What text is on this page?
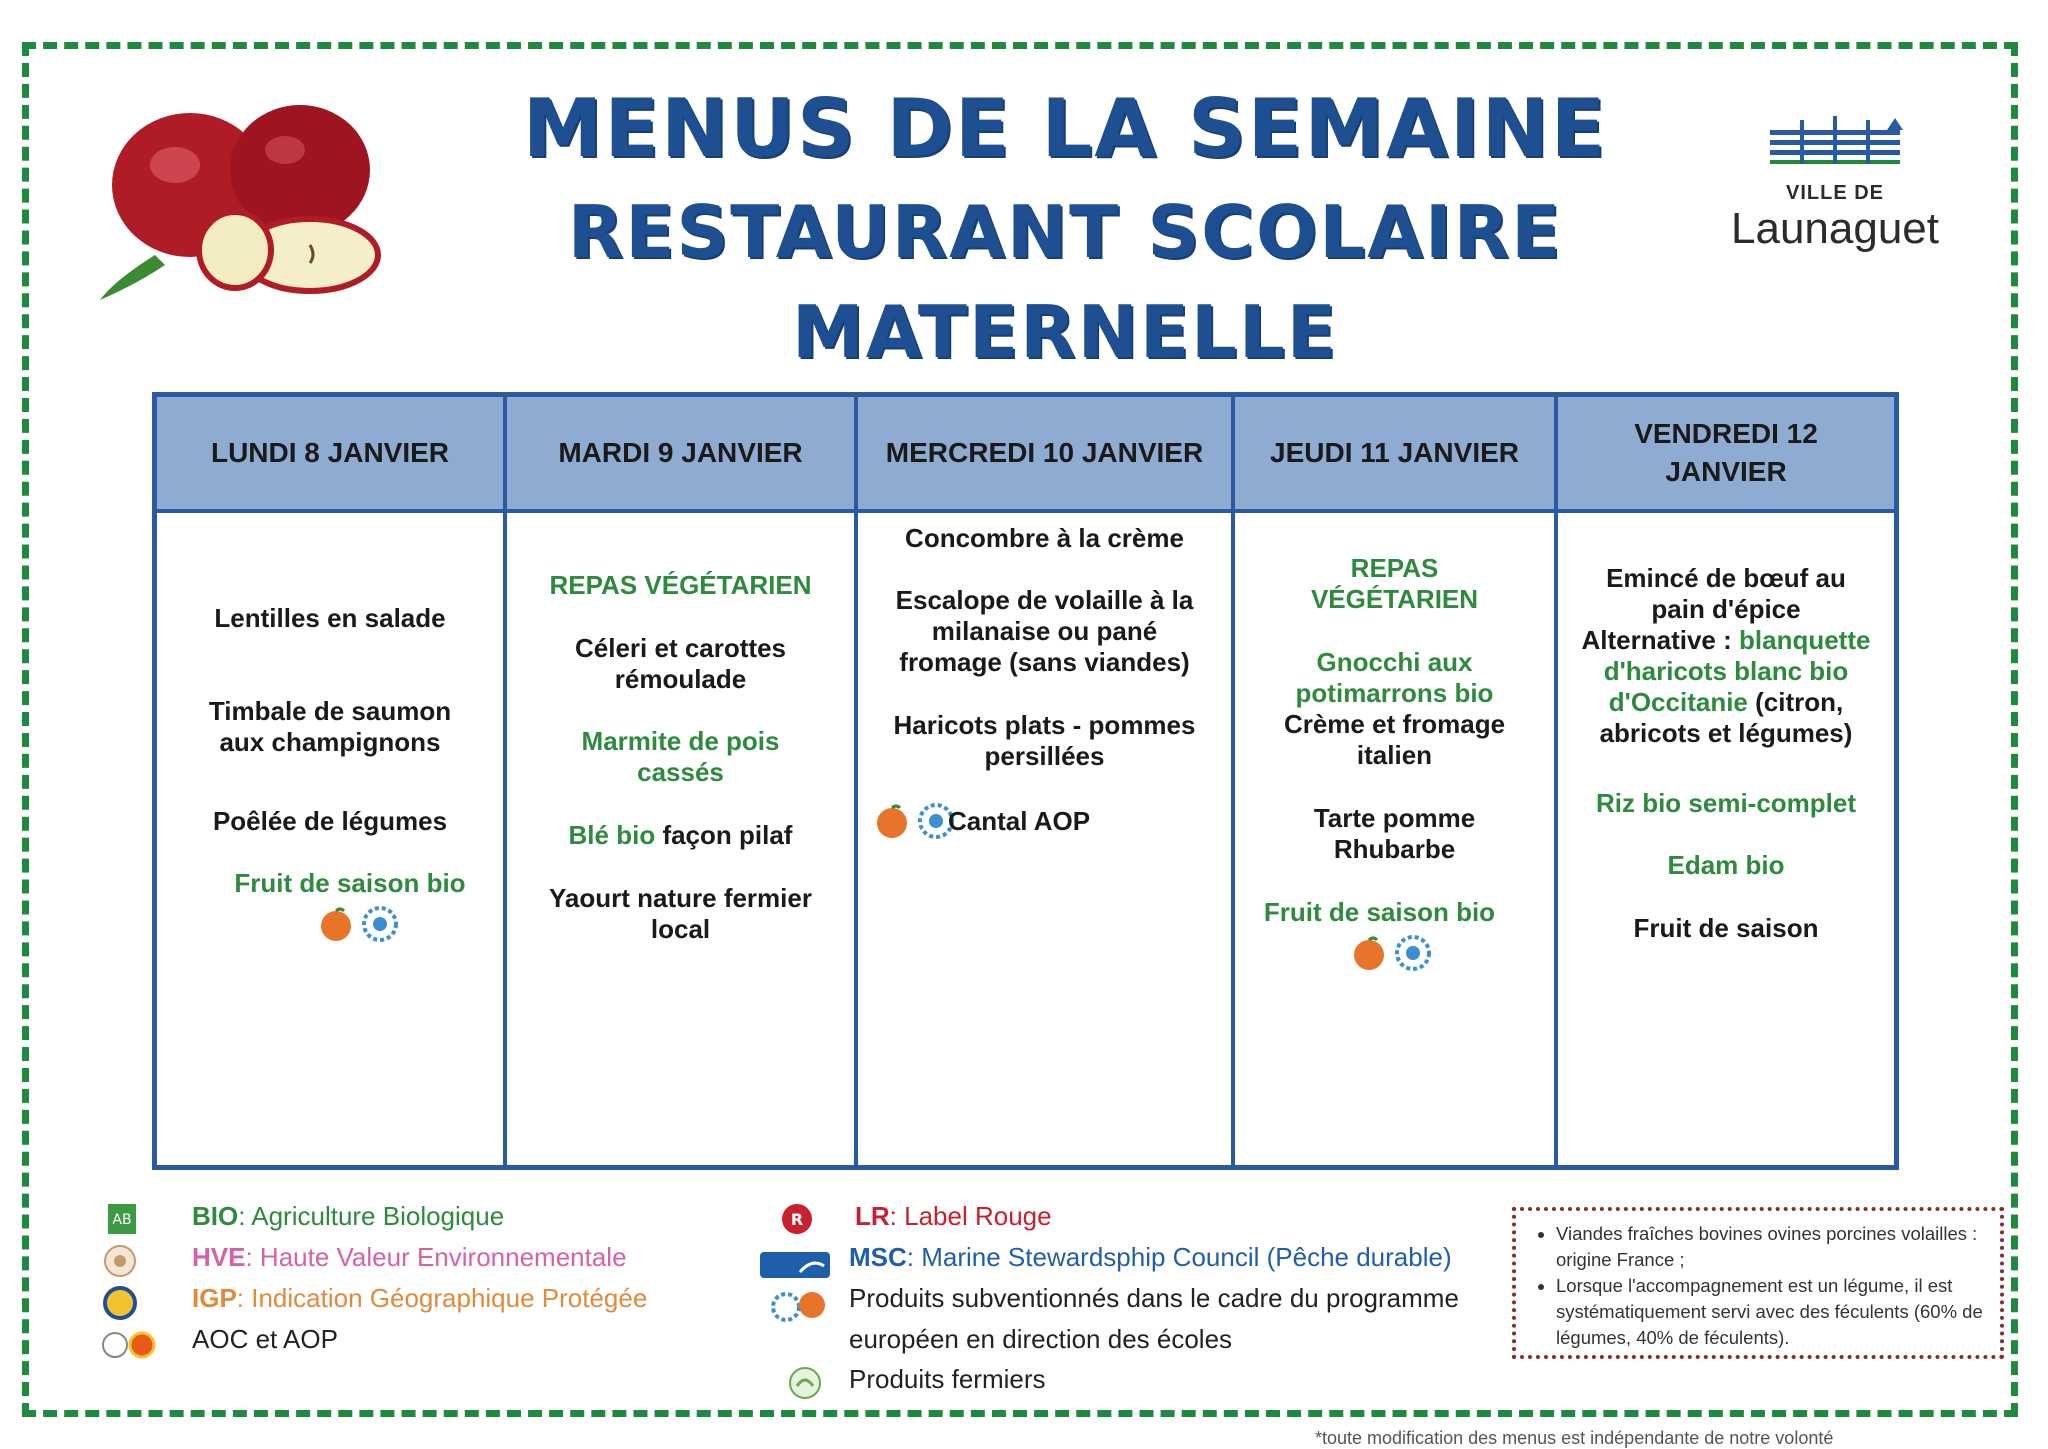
MENUS DE LA SEMAINE
RESTAURANT SCOLAIRE
MATERNELLE
VILLE DE
Launaguet
LUNDI 8 JANVIER
Lentilles en salade
Timbale de saumon aux champignons
Poêlée de légumes
Fruit de saison bio
MARDI 9 JANVIER
REPAS VÉGÉTARIEN
Céleri et carottes rémoulade
Marmite de pois cassés
Blé bio façon pilaf
Yaourt nature fermier local
MERCREDI 10 JANVIER
Concombre à la crème
Escalope de volaille à la milanaise ou pané fromage (sans viandes)
Haricots plats - pommes persillées
Cantal AOP
JEUDI 11 JANVIER
REPAS VÉGÉTARIEN
Gnocchi aux potimarrons bio
Crème et fromage italien
Tarte pomme Rhubarbe
Fruit de saison bio
VENDREDI 12 JANVIER
Emincé de bœuf au pain d'épice
Alternative : blanquette d'haricots blanc bio d'Occitanie (citron, abricots et légumes)
Riz bio semi-complet
Edam bio
Fruit de saison
AB BIO: Agriculture Biologique
HVE: Haute Valeur Environnementale
IGP: Indication Géographique Protégée
AOC et AOP
R LR: Label Rouge
MSC: Marine Stewardsphip Council (Pêche durable)
Produits subventionnés dans le cadre du programme
européen en direction des écoles
Produits fermiers
• Viandes fraîches bovines ovines porcines volailles : origine France ;
• Lorsque l'accompagnement est un légume, il est systématiquement servi avec des féculents (60% de légumes, 40% de féculents).
*toute modification des menus est indépendante de notre volonté
